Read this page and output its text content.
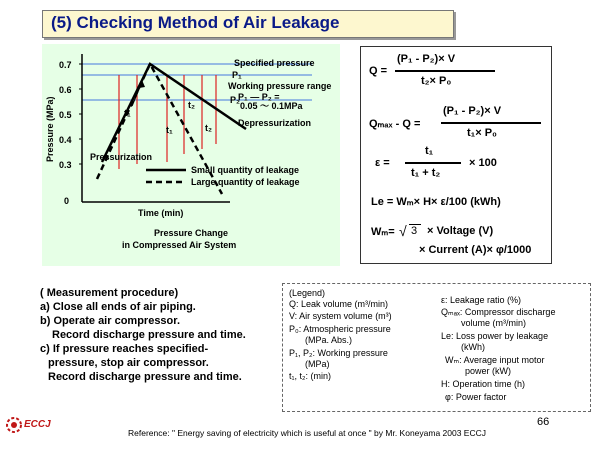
(5) Checking Method of Air Leakage
0.7
0.6
0.5
0.4
0.3
0
Pressure (MPa)
Specified pressure
P₁
Working pressure range
P₂
P₁ — P₂ =
0.05 ～ 0.1MPa
t₁
t₂
t₁	t₂	Depressurization
Pressurization
Small quantity of leakage
Large quantity of leakage
Time (min)
Pressure Change
in Compressed Air System
Q =
(P₁ - P₂)× V
t₂× P₀
Qₘₐₓ - Q =
(P₁ - P₂)× V
t₁× P₀
ε =
t₁
t₁ + t₂
× 100
Le = Wₘ× H× ε/100 (kWh)
Wₘ= √ 3 × Voltage (V)
× Current (A)× φ/1000
( Measurement procedure)
a) Close all ends of air piping.
b) Operate air compressor.
Record discharge pressure and time.
c) If pressure reaches specified-
pressure, stop air compressor.
Record discharge pressure and time.
(Legend)
Q: Leak volume (m³/min)
V: Air system volume (m³)
P₀: Atmospheric pressure
(MPa. Abs.)
P₁, P₂: Working pressure
(MPa)
t₁, t₂: (min)
ε: Leakage ratio (%)
Qₘₐₓ: Compressor discharge
volume (m³/min)
Le: Loss power by leakage
(kWh)
Wₘ: Average input motor
power (kW)
H: Operation time (h)
φ: Power factor
ECCJ	66
Reference: " Energy saving of electricity which is useful at once " by Mr. Koneyama 2003 ECCJ
